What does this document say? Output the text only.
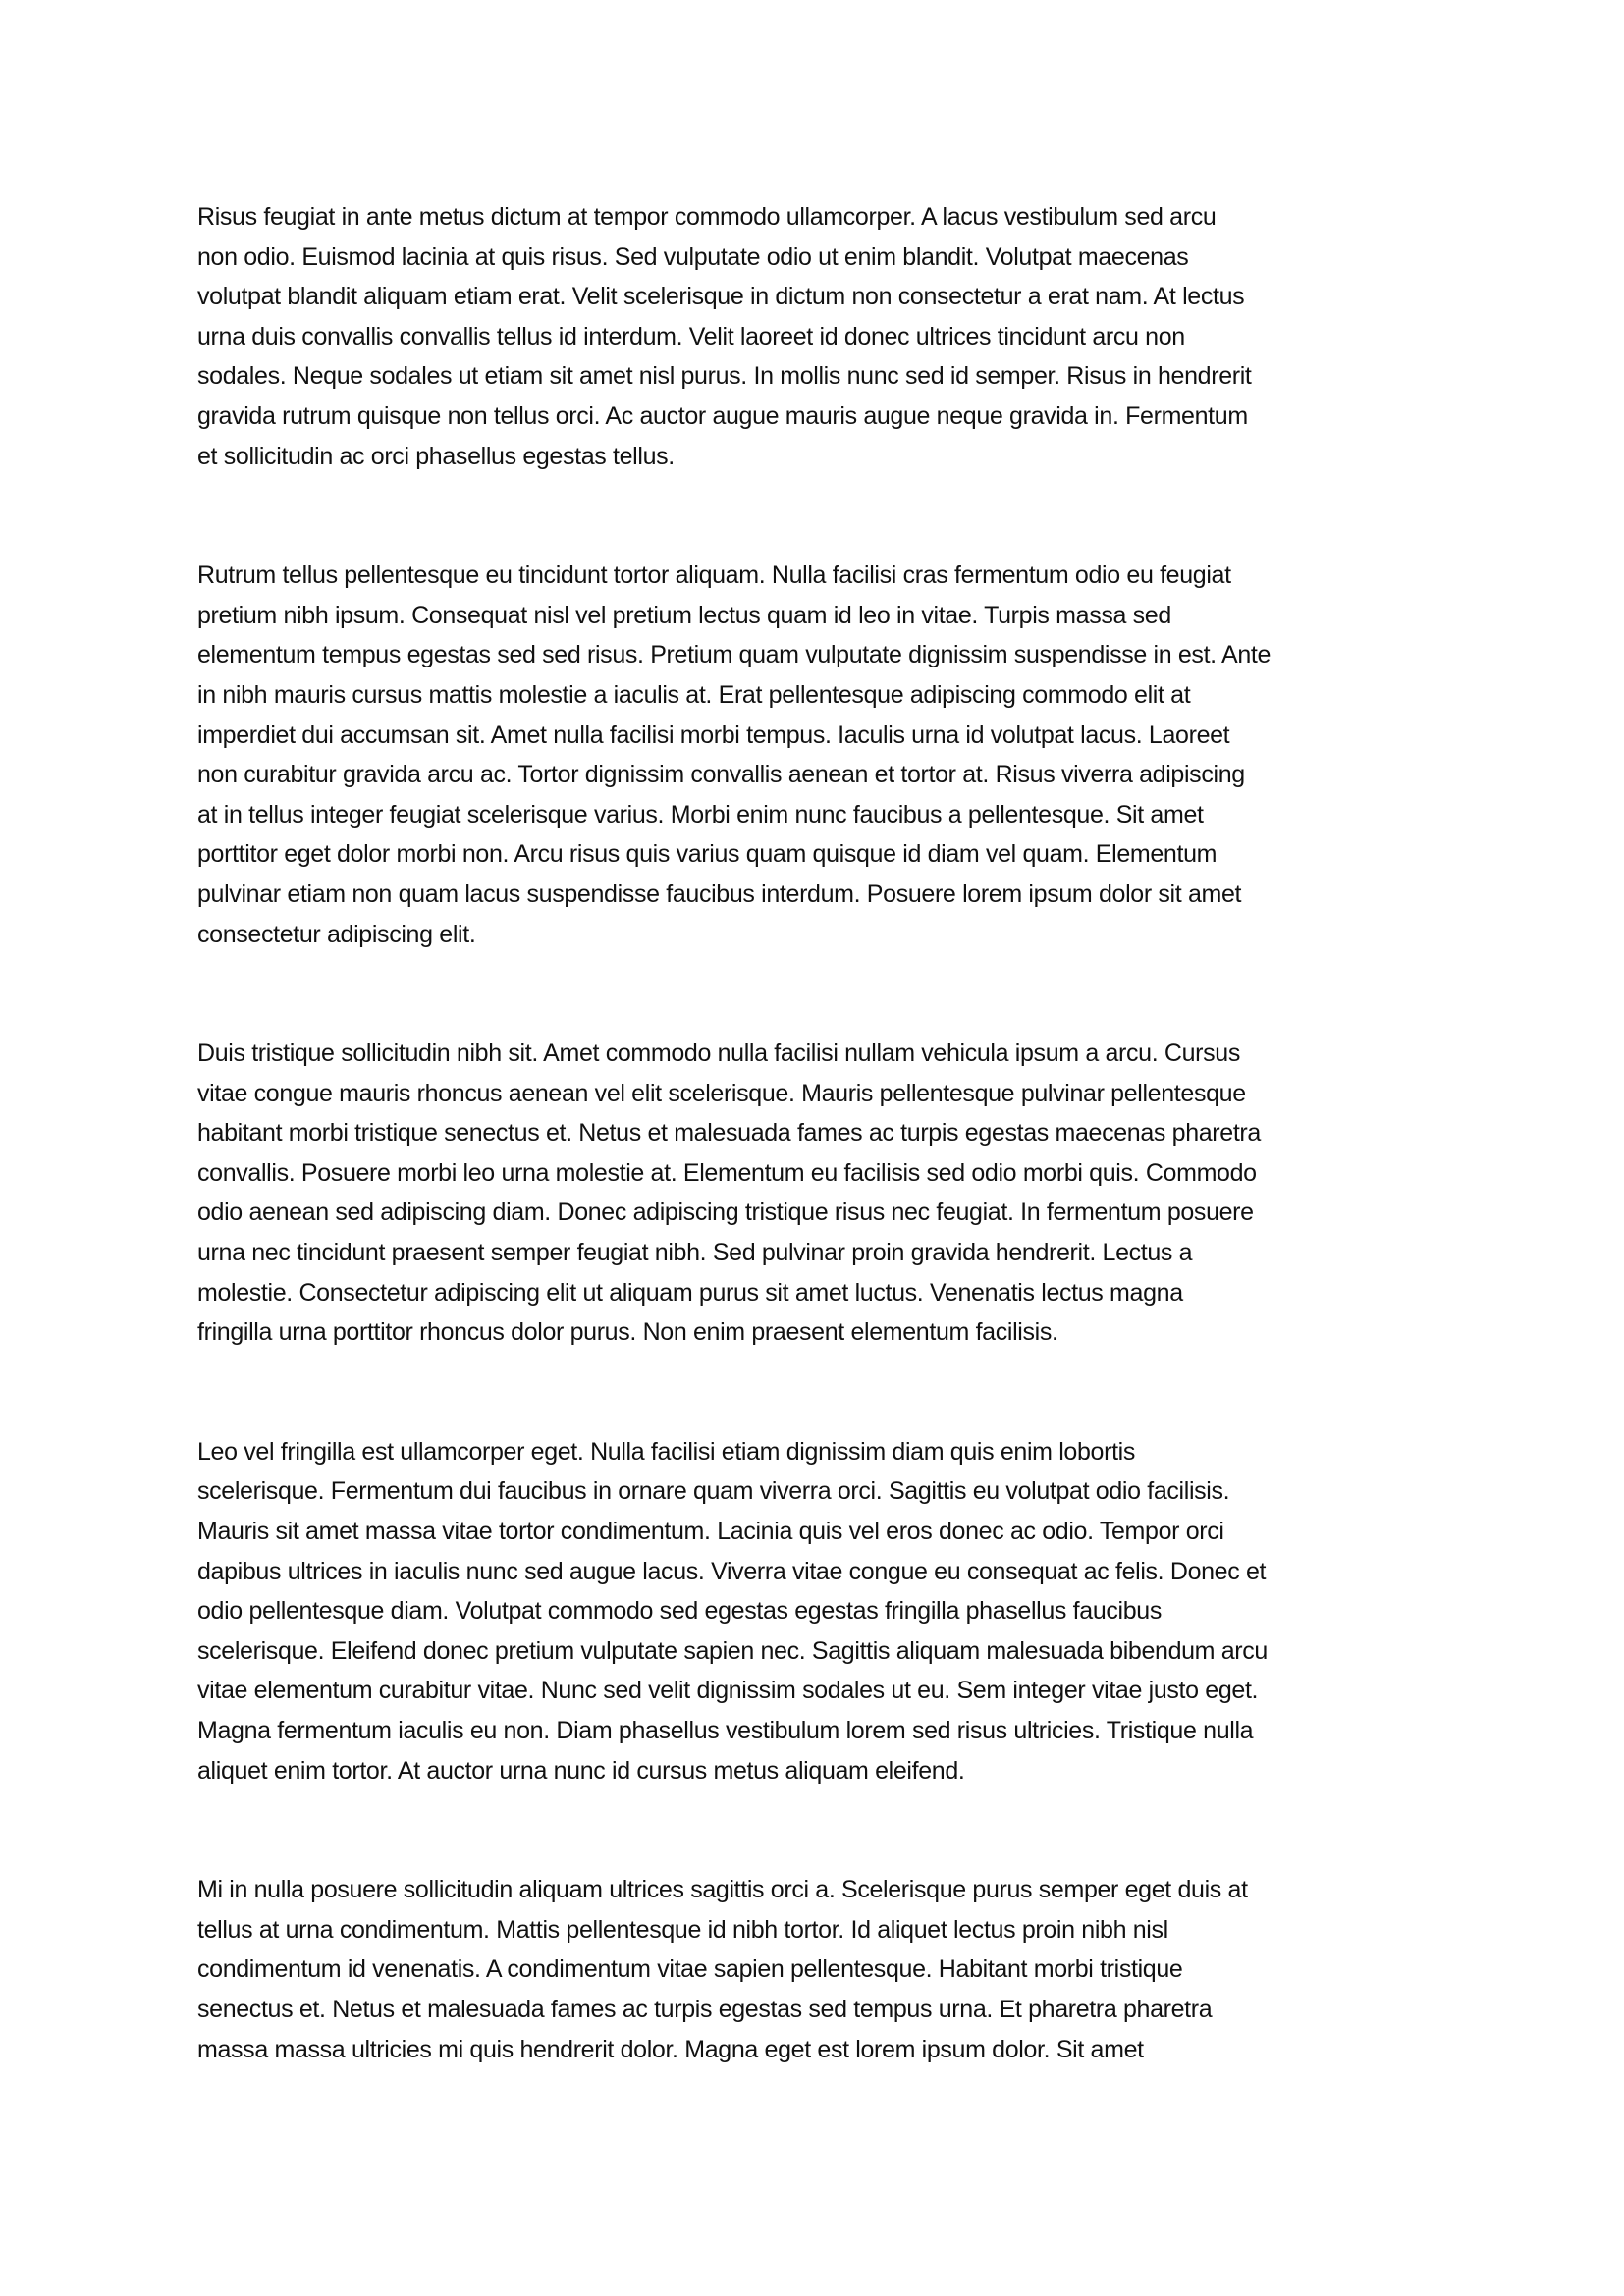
Risus feugiat in ante metus dictum at tempor commodo ullamcorper. A lacus vestibulum sed arcu
non odio. Euismod lacinia at quis risus. Sed vulputate odio ut enim blandit. Volutpat maecenas
volutpat blandit aliquam etiam erat. Velit scelerisque in dictum non consectetur a erat nam. At lectus
urna duis convallis convallis tellus id interdum. Velit laoreet id donec ultrices tincidunt arcu non
sodales. Neque sodales ut etiam sit amet nisl purus. In mollis nunc sed id semper. Risus in hendrerit
gravida rutrum quisque non tellus orci. Ac auctor augue mauris augue neque gravida in. Fermentum
et sollicitudin ac orci phasellus egestas tellus.

Rutrum tellus pellentesque eu tincidunt tortor aliquam. Nulla facilisi cras fermentum odio eu feugiat
pretium nibh ipsum. Consequat nisl vel pretium lectus quam id leo in vitae. Turpis massa sed
elementum tempus egestas sed sed risus. Pretium quam vulputate dignissim suspendisse in est. Ante
in nibh mauris cursus mattis molestie a iaculis at. Erat pellentesque adipiscing commodo elit at
imperdiet dui accumsan sit. Amet nulla facilisi morbi tempus. Iaculis urna id volutpat lacus. Laoreet
non curabitur gravida arcu ac. Tortor dignissim convallis aenean et tortor at. Risus viverra adipiscing
at in tellus integer feugiat scelerisque varius. Morbi enim nunc faucibus a pellentesque. Sit amet
porttitor eget dolor morbi non. Arcu risus quis varius quam quisque id diam vel quam. Elementum
pulvinar etiam non quam lacus suspendisse faucibus interdum. Posuere lorem ipsum dolor sit amet
consectetur adipiscing elit.

Duis tristique sollicitudin nibh sit. Amet commodo nulla facilisi nullam vehicula ipsum a arcu. Cursus
vitae congue mauris rhoncus aenean vel elit scelerisque. Mauris pellentesque pulvinar pellentesque
habitant morbi tristique senectus et. Netus et malesuada fames ac turpis egestas maecenas pharetra
convallis. Posuere morbi leo urna molestie at. Elementum eu facilisis sed odio morbi quis. Commodo
odio aenean sed adipiscing diam. Donec adipiscing tristique risus nec feugiat. In fermentum posuere
urna nec tincidunt praesent semper feugiat nibh. Sed pulvinar proin gravida hendrerit. Lectus a
molestie. Consectetur adipiscing elit ut aliquam purus sit amet luctus. Venenatis lectus magna
fringilla urna porttitor rhoncus dolor purus. Non enim praesent elementum facilisis.

Leo vel fringilla est ullamcorper eget. Nulla facilisi etiam dignissim diam quis enim lobortis
scelerisque. Fermentum dui faucibus in ornare quam viverra orci. Sagittis eu volutpat odio facilisis.
Mauris sit amet massa vitae tortor condimentum. Lacinia quis vel eros donec ac odio. Tempor orci
dapibus ultrices in iaculis nunc sed augue lacus. Viverra vitae congue eu consequat ac felis. Donec et
odio pellentesque diam. Volutpat commodo sed egestas egestas fringilla phasellus faucibus
scelerisque. Eleifend donec pretium vulputate sapien nec. Sagittis aliquam malesuada bibendum arcu
vitae elementum curabitur vitae. Nunc sed velit dignissim sodales ut eu. Sem integer vitae justo eget.
Magna fermentum iaculis eu non. Diam phasellus vestibulum lorem sed risus ultricies. Tristique nulla
aliquet enim tortor. At auctor urna nunc id cursus metus aliquam eleifend.

Mi in nulla posuere sollicitudin aliquam ultrices sagittis orci a. Scelerisque purus semper eget duis at
tellus at urna condimentum. Mattis pellentesque id nibh tortor. Id aliquet lectus proin nibh nisl
condimentum id venenatis. A condimentum vitae sapien pellentesque. Habitant morbi tristique
senectus et. Netus et malesuada fames ac turpis egestas sed tempus urna. Et pharetra pharetra
massa massa ultricies mi quis hendrerit dolor. Magna eget est lorem ipsum dolor. Sit amet
